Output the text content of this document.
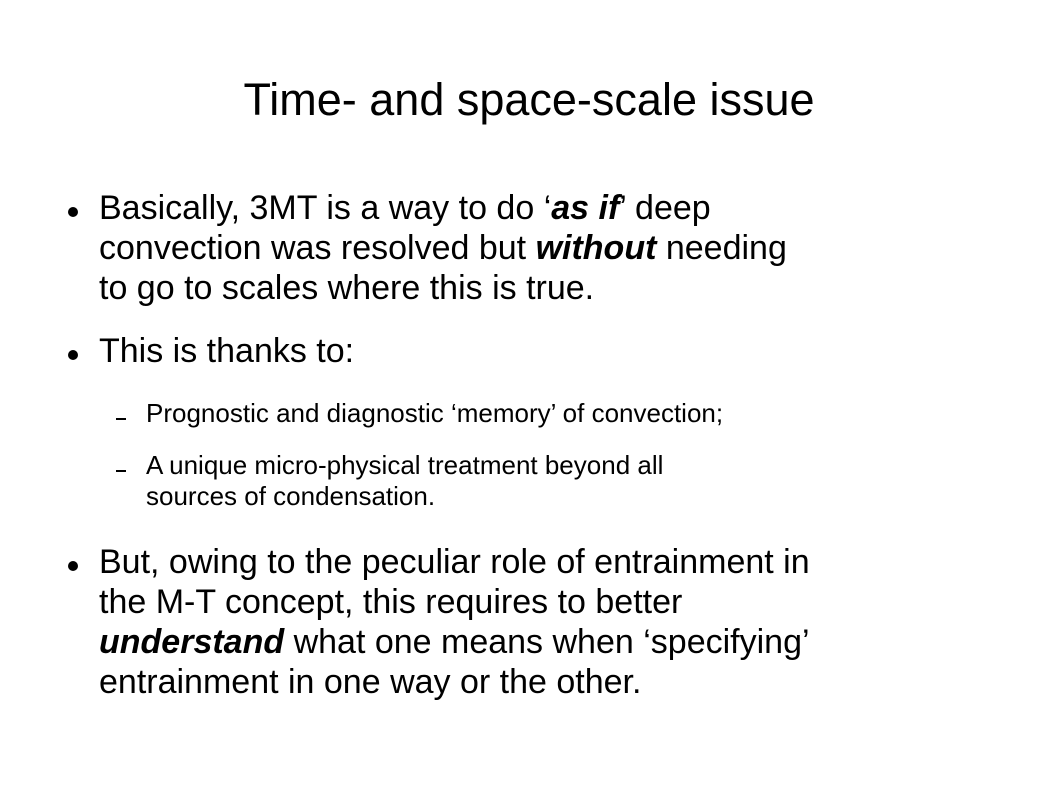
Time- and space-scale issue
Basically, 3MT is a way to do ‘as if’ deep
convection was resolved but without needing
to go to scales where this is true.
This is thanks to:
Prognostic and diagnostic ‘memory’ of convection;
A unique micro-physical treatment beyond all
sources of condensation.
But, owing to the peculiar role of entrainment in
the M-T concept, this requires to better
understand what one means when ‘specifying’
entrainment in one way or the other.
